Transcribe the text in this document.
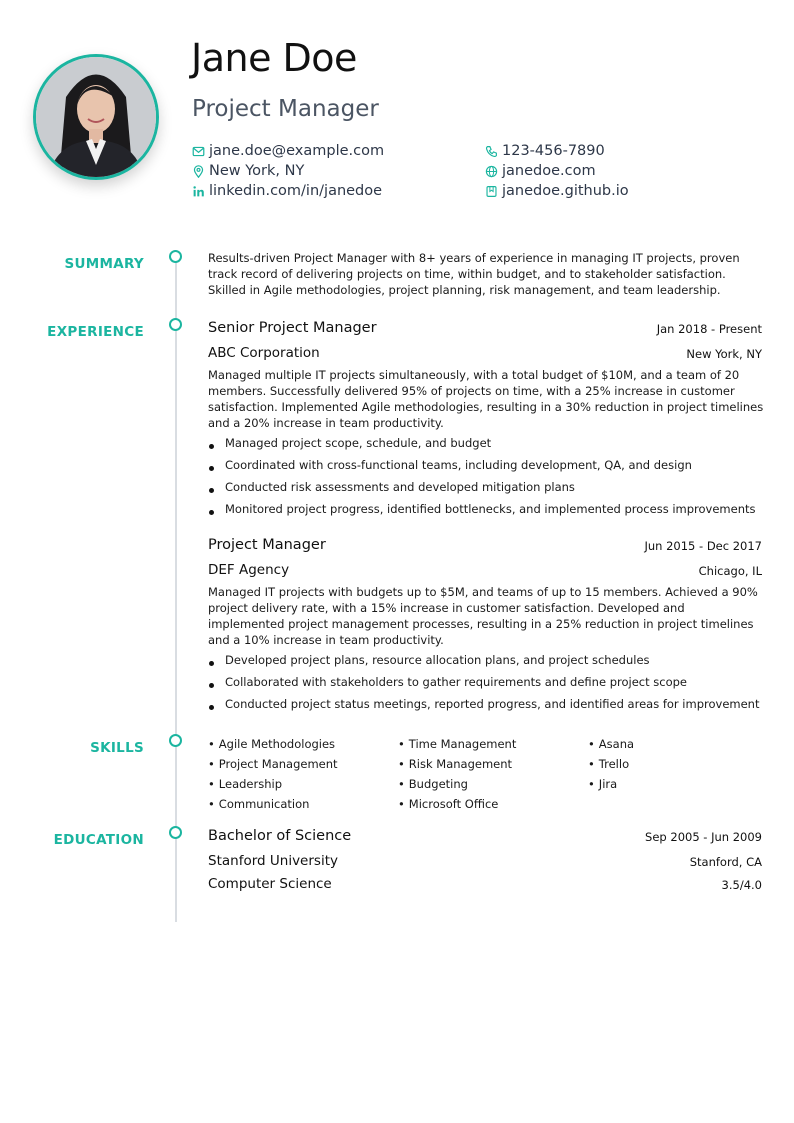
Jane Doe
Project Manager
jane.doe@example.com
New York, NY
linkedin.com/in/janedoe
123-456-7890
janedoe.com
janedoe.github.io
SUMMARY	Results-driven Project Manager with 8+ years of experience in managing IT projects, proven track record of delivering projects on time, within budget, and to stakeholder satisfaction. Skilled in Agile methodologies, project planning, risk management, and team leadership.
EXPERIENCE	Senior Project Manager	Jan 2018 - Present
ABC Corporation	New York, NY
Managed multiple IT projects simultaneously, with a total budget of $10M, and a team of 20 members. Successfully delivered 95% of projects on time, with a 25% increase in customer satisfaction. Implemented Agile methodologies, resulting in a 30% reduction in project timelines and a 20% increase in team productivity.
Managed project scope, schedule, and budget
Coordinated with cross-functional teams, including development, QA, and design
Conducted risk assessments and developed mitigation plans
Monitored project progress, identified bottlenecks, and implemented process improvements
Project Manager	Jun 2015 - Dec 2017
DEF Agency	Chicago, IL
Managed IT projects with budgets up to $5M, and teams of up to 15 members. Achieved a 90% project delivery rate, with a 15% increase in customer satisfaction. Developed and implemented project management processes, resulting in a 25% reduction in project timelines and a 10% increase in team productivity.
Developed project plans, resource allocation plans, and project schedules
Collaborated with stakeholders to gather requirements and define project scope
Conducted project status meetings, reported progress, and identified areas for improvement
SKILLS	• Agile Methodologies
• Project Management
• Leadership
• Communication
• Time Management
• Risk Management
• Budgeting
• Microsoft Office
• Asana
• Trello
• Jira
EDUCATION	Bachelor of Science	Sep 2005 - Jun 2009
Stanford University	Stanford, CA
Computer Science	3.5/4.0
